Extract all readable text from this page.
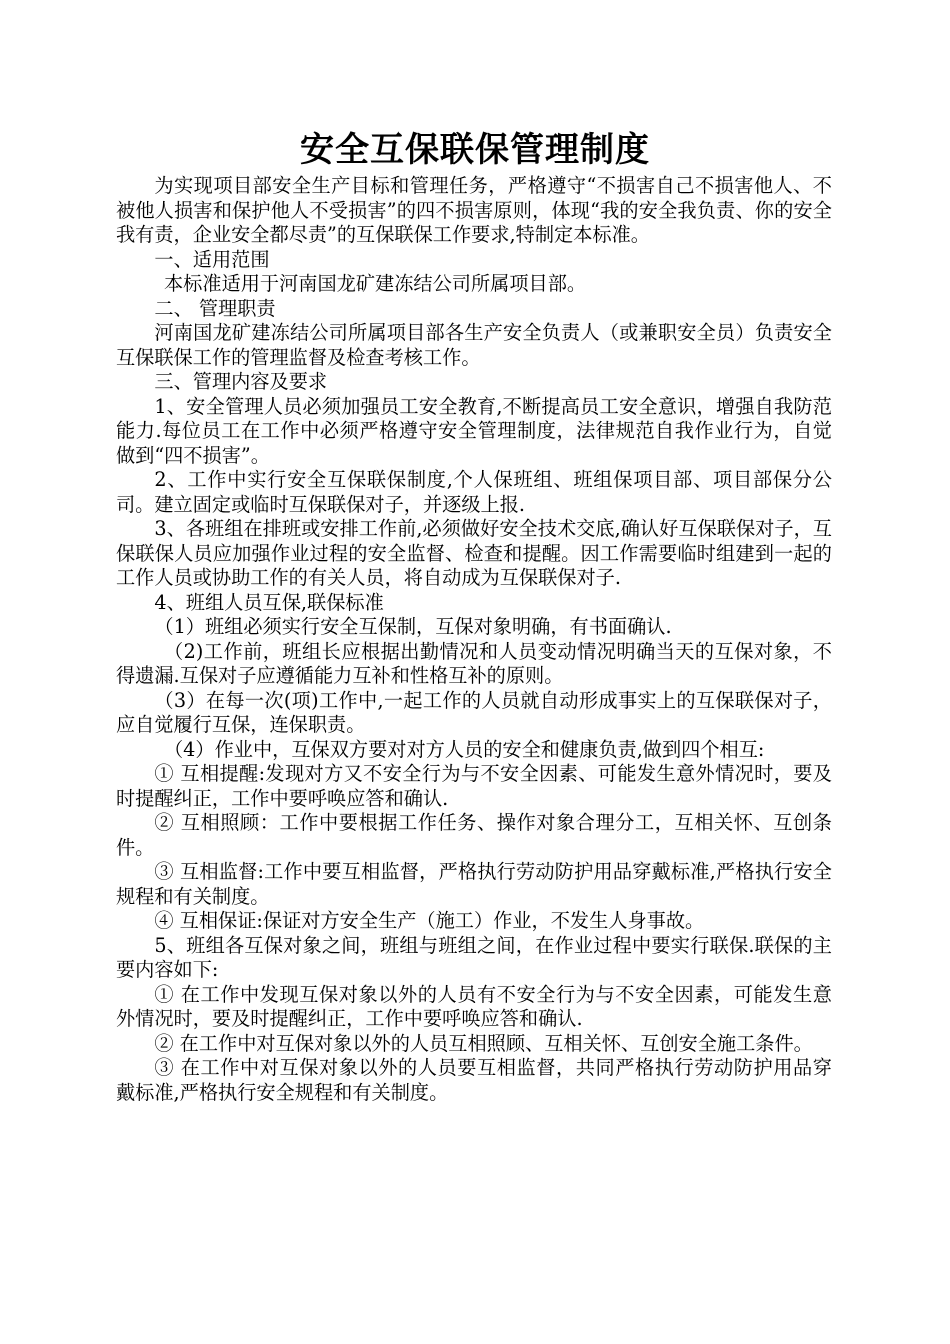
安全互保联保管理制度

为实现项目部安全生产目标和管理任务，严格遵守“不损害自己不损害他人、不被他人损害和保护他人不受损害”的四不损害原则，体现“我的安全我负责、你的安全我有责，企业安全都尽责”的互保联保工作要求,特制定本标准。

一、适用范围

本标准适用于河南国龙矿建冻结公司所属项目部。

二、 管理职责

河南国龙矿建冻结公司所属项目部各生产安全负责人（或兼职安全员）负责安全互保联保工作的管理监督及检查考核工作。

三、管理内容及要求

1、安全管理人员必须加强员工安全教育,不断提高员工安全意识，增强自我防范能力.每位员工在工作中必须严格遵守安全管理制度，法律规范自我作业行为，自觉做到“四不损害”。

2、工作中实行安全互保联保制度,个人保班组、班组保项目部、项目部保分公司。建立固定或临时互保联保对子，并逐级上报.

3、各班组在排班或安排工作前,必须做好安全技术交底,确认好互保联保对子，互保联保人员应加强作业过程的安全监督、检查和提醒。因工作需要临时组建到一起的工作人员或协助工作的有关人员，将自动成为互保联保对子.

4、班组人员互保,联保标准

（1）班组必须实行安全互保制，互保对象明确，有书面确认.

（2)工作前，班组长应根据出勤情况和人员变动情况明确当天的互保对象，不得遗漏.互保对子应遵循能力互补和性格互补的原则。

（3）在每一次(项)工作中,一起工作的人员就自动形成事实上的互保联保对子，应自觉履行互保，连保职责。

（4）作业中，互保双方要对对方人员的安全和健康负责,做到四个相互:

① 互相提醒:发现对方又不安全行为与不安全因素、可能发生意外情况时，要及时提醒纠正，工作中要呼唤应答和确认.

② 互相照顾：工作中要根据工作任务、操作对象合理分工，互相关怀、互创条件。

③ 互相监督:工作中要互相监督，严格执行劳动防护用品穿戴标准,严格执行安全规程和有关制度。

④ 互相保证:保证对方安全生产（施工）作业，不发生人身事故。

5、班组各互保对象之间，班组与班组之间，在作业过程中要实行联保.联保的主要内容如下:

① 在工作中发现互保对象以外的人员有不安全行为与不安全因素，可能发生意外情况时，要及时提醒纠正，工作中要呼唤应答和确认.

② 在工作中对互保对象以外的人员互相照顾、互相关怀、互创安全施工条件。

③ 在工作中对互保对象以外的人员要互相监督，共同严格执行劳动防护用品穿戴标准,严格执行安全规程和有关制度。
